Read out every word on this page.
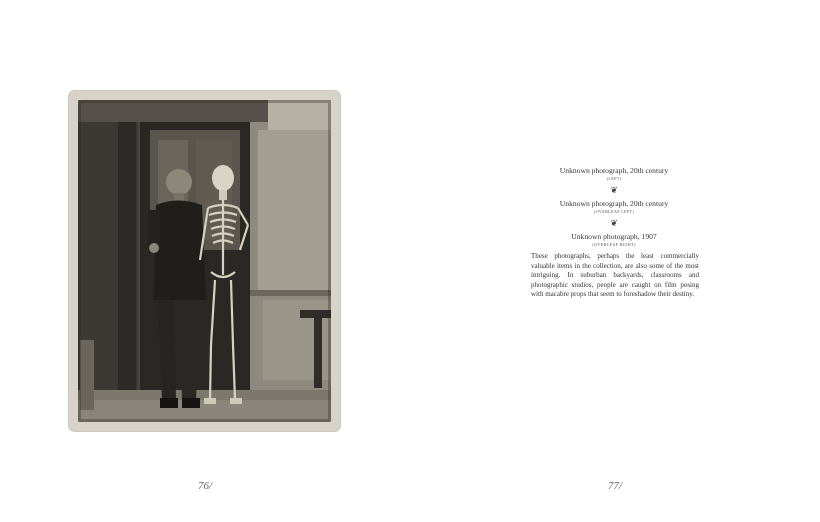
76/
Unknown photograph, 20th century
(LEFT)
❦
Unknown photograph, 20th century
(OVERLEAF LEFT)
❦
Unknown photograph, 1907
(OVERLEAF RIGHT)
These photographs, perhaps the least commercially valuable items in the collection, are also some of the most intriguing. In suburban backyards, classrooms and photographic studios, people are caught on film posing with macabre props that seem to foreshadow their destiny.
77/
